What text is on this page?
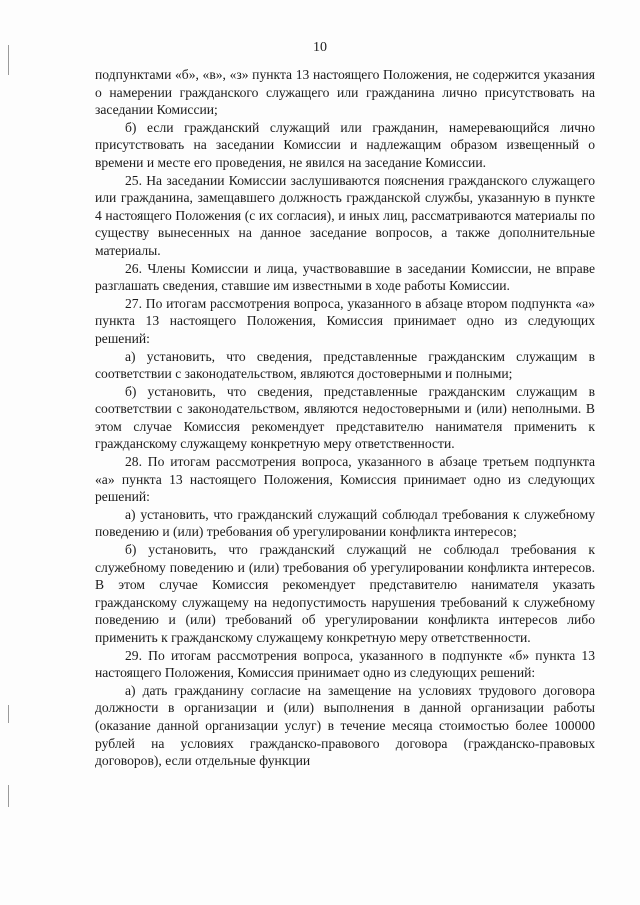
10

подпунктами «б», «в», «з» пункта 13 настоящего Положения, не содержится указания о намерении гражданского служащего или гражданина лично присутствовать на заседании Комиссии;

б) если гражданский служащий или гражданин, намеревающийся лично присутствовать на заседании Комиссии и надлежащим образом извещенный о времени и месте его проведения, не явился на заседание Комиссии.

25. На заседании Комиссии заслушиваются пояснения гражданского служащего или гражданина, замещавшего должность гражданской службы, указанную в пункте 4 настоящего Положения (с их согласия), и иных лиц, рассматриваются материалы по существу вынесенных на данное заседание вопросов, а также дополнительные материалы.

26. Члены Комиссии и лица, участвовавшие в заседании Комиссии, не вправе разглашать сведения, ставшие им известными в ходе работы Комиссии.

27. По итогам рассмотрения вопроса, указанного в абзаце втором подпункта «а» пункта 13 настоящего Положения, Комиссия принимает одно из следующих решений:

а) установить, что сведения, представленные гражданским служащим в соответствии с законодательством, являются достоверными и полными;

б) установить, что сведения, представленные гражданским служащим в соответствии с законодательством, являются недостоверными и (или) неполными. В этом случае Комиссия рекомендует представителю нанимателя применить к гражданскому служащему конкретную меру ответственности.

28. По итогам рассмотрения вопроса, указанного в абзаце третьем подпункта «а» пункта 13 настоящего Положения, Комиссия принимает одно из следующих решений:

а) установить, что гражданский служащий соблюдал требования к служебному поведению и (или) требования об урегулировании конфликта интересов;

б) установить, что гражданский служащий не соблюдал требования к служебному поведению и (или) требования об урегулировании конфликта интересов. В этом случае Комиссия рекомендует представителю нанимателя указать гражданскому служащему на недопустимость нарушения требований к служебному поведению и (или) требований об урегулировании конфликта интересов либо применить к гражданскому служащему конкретную меру ответственности.

29. По итогам рассмотрения вопроса, указанного в подпункте «б» пункта 13 настоящего Положения, Комиссия принимает одно из следующих решений:

а) дать гражданину согласие на замещение на условиях трудового договора должности в организации и (или) выполнения в данной организации работы (оказание данной организации услуг) в течение месяца стоимостью более 100000 рублей на условиях гражданско-правового договора (гражданско-правовых договоров), если отдельные функции
